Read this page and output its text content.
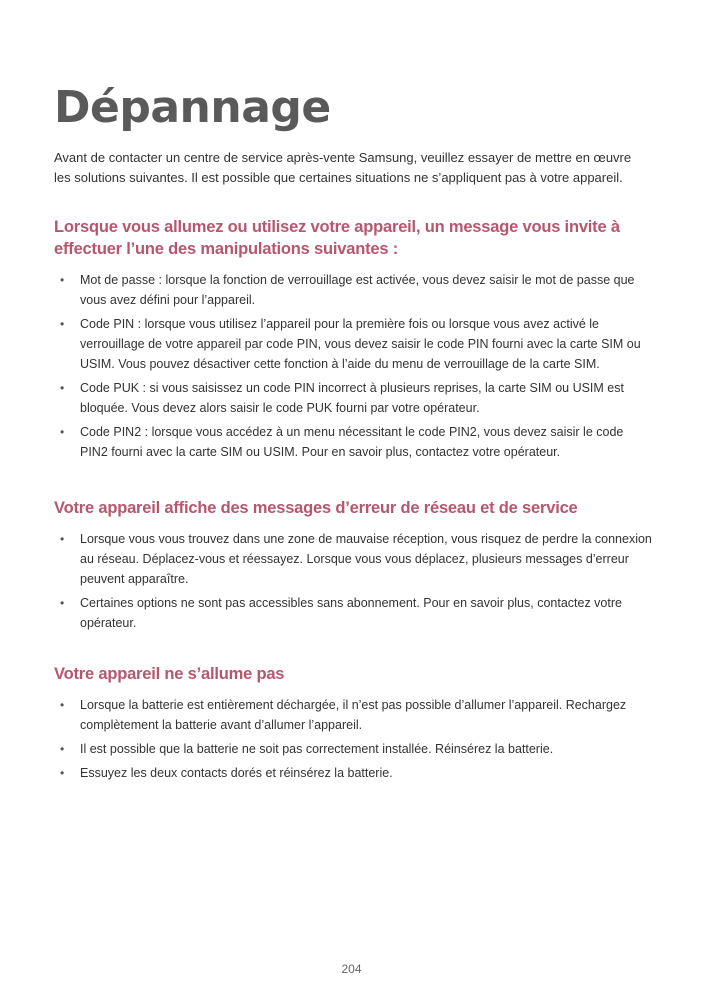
Dépannage

Avant de contacter un centre de service après-vente Samsung, veuillez essayer de mettre en œuvre les solutions suivantes. Il est possible que certaines situations ne s’appliquent pas à votre appareil.

Lorsque vous allumez ou utilisez votre appareil, un message vous invite à effectuer l’une des manipulations suivantes :
• Mot de passe : lorsque la fonction de verrouillage est activée, vous devez saisir le mot de passe que vous avez défini pour l’appareil.
• Code PIN : lorsque vous utilisez l’appareil pour la première fois ou lorsque vous avez activé le verrouillage de votre appareil par code PIN, vous devez saisir le code PIN fourni avec la carte SIM ou USIM. Vous pouvez désactiver cette fonction à l’aide du menu de verrouillage de la carte SIM.
• Code PUK : si vous saisissez un code PIN incorrect à plusieurs reprises, la carte SIM ou USIM est bloquée. Vous devez alors saisir le code PUK fourni par votre opérateur.
• Code PIN2 : lorsque vous accédez à un menu nécessitant le code PIN2, vous devez saisir le code PIN2 fourni avec la carte SIM ou USIM. Pour en savoir plus, contactez votre opérateur.
Votre appareil affiche des messages d’erreur de réseau et de service
• Lorsque vous vous trouvez dans une zone de mauvaise réception, vous risquez de perdre la connexion au réseau. Déplacez-vous et réessayez. Lorsque vous vous déplacez, plusieurs messages d’erreur peuvent apparaître.
• Certaines options ne sont pas accessibles sans abonnement. Pour en savoir plus, contactez votre opérateur.
Votre appareil ne s’allume pas
• Lorsque la batterie est entièrement déchargée, il n’est pas possible d’allumer l’appareil. Rechargez complètement la batterie avant d’allumer l’appareil.
• Il est possible que la batterie ne soit pas correctement installée. Réinsérez la batterie.
• Essuyez les deux contacts dorés et réinsérez la batterie.
204
